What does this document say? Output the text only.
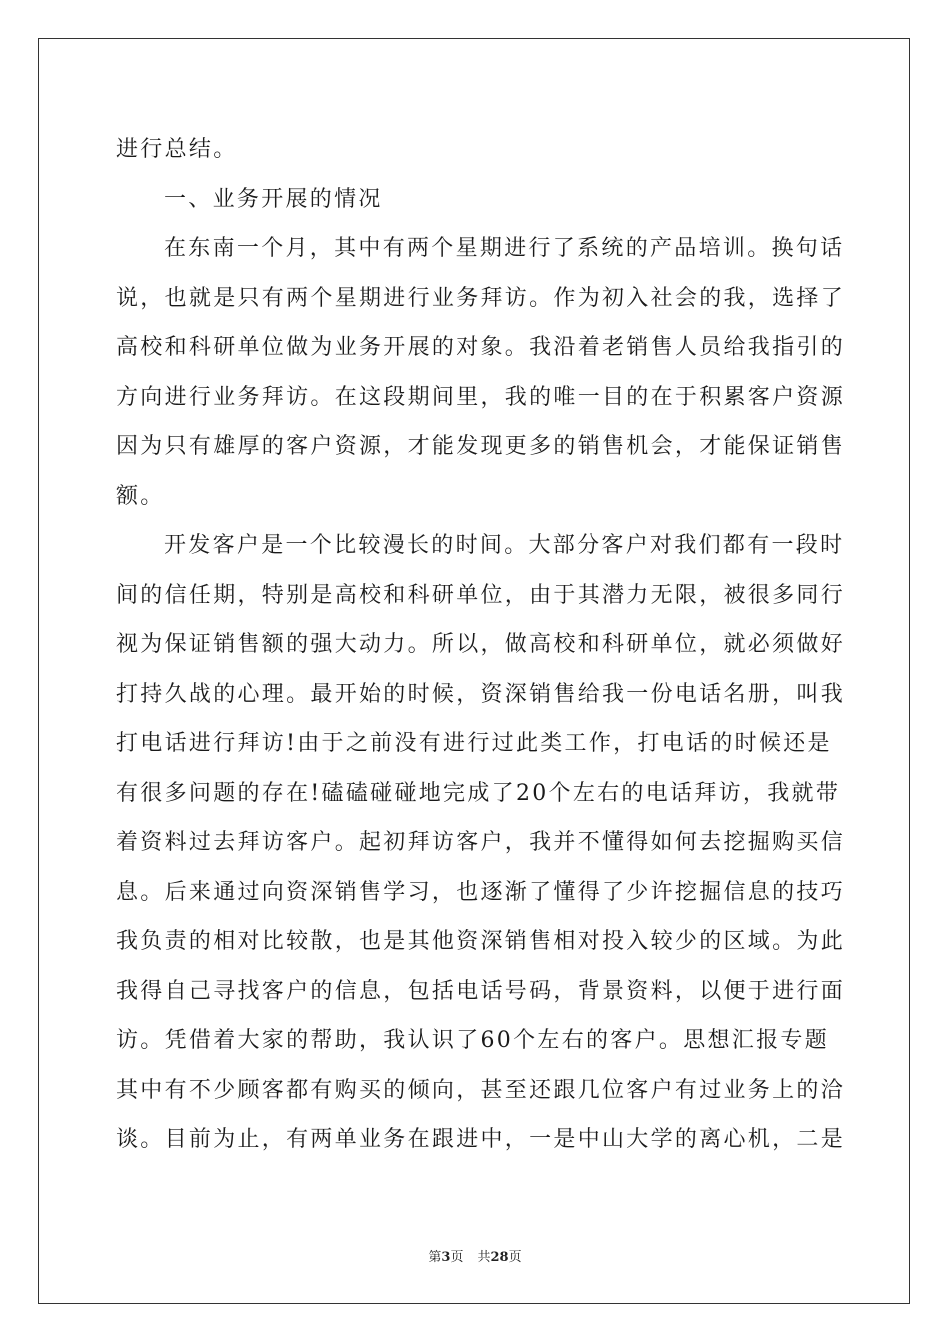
进行总结。
一、业务开展的情况
在东南一个月，其中有两个星期进行了系统的产品培训。换句话
说，也就是只有两个星期进行业务拜访。作为初入社会的我，选择了
高校和科研单位做为业务开展的对象。我沿着老销售人员给我指引的
方向进行业务拜访。在这段期间里，我的唯一目的在于积累客户资源
因为只有雄厚的客户资源，才能发现更多的销售机会，才能保证销售
额。
开发客户是一个比较漫长的时间。大部分客户对我们都有一段时
间的信任期，特别是高校和科研单位，由于其潜力无限，被很多同行
视为保证销售额的强大动力。所以，做高校和科研单位，就必须做好
打持久战的心理。最开始的时候，资深销售给我一份电话名册，叫我
打电话进行拜访!由于之前没有进行过此类工作，打电话的时候还是
有很多问题的存在!磕磕碰碰地完成了20个左右的电话拜访，我就带
着资料过去拜访客户。起初拜访客户，我并不懂得如何去挖掘购买信
息。后来通过向资深销售学习，也逐渐了懂得了少许挖掘信息的技巧
我负责的相对比较散，也是其他资深销售相对投入较少的区域。为此
我得自己寻找客户的信息，包括电话号码，背景资料，以便于进行面
访。凭借着大家的帮助，我认识了60个左右的客户。思想汇报专题
其中有不少顾客都有购买的倾向，甚至还跟几位客户有过业务上的洽
谈。目前为止，有两单业务在跟进中，一是中山大学的离心机，二是
第3页 共28页
